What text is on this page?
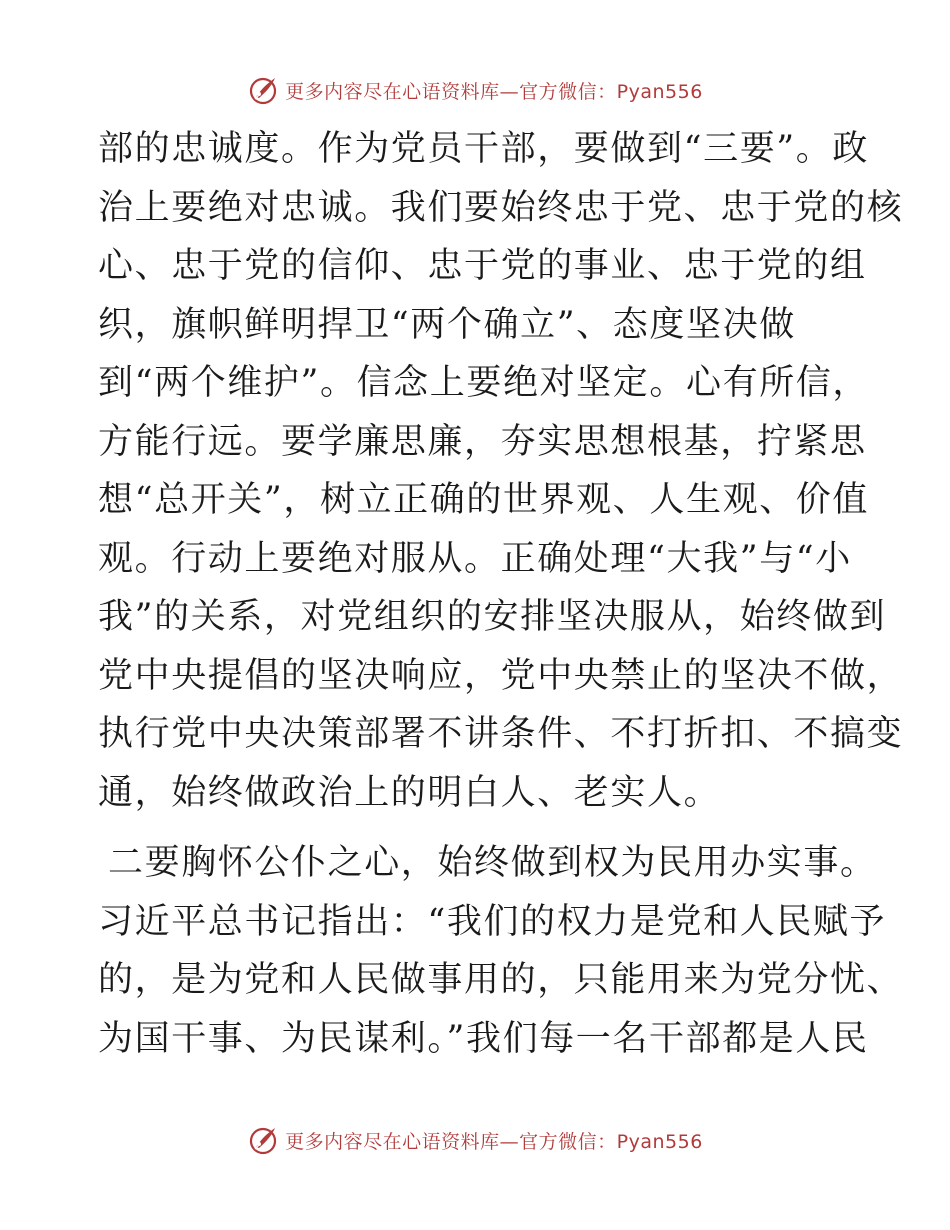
更多内容尽在心语资料库—官方微信：Pyan556
部的忠诚度。作为党员干部，要做到“三要”。政
治上要绝对忠诚。我们要始终忠于党、忠于党的核
心、忠于党的信仰、忠于党的事业、忠于党的组
织，旗帜鲜明捍卫“两个确立”、态度坚决做
到“两个维护”。信念上要绝对坚定。心有所信，
方能行远。要学廉思廉，夯实思想根基，拧紧思
想“总开关”，树立正确的世界观、人生观、价值
观。行动上要绝对服从。正确处理“大我”与“小
我”的关系，对党组织的安排坚决服从，始终做到
党中央提倡的坚决响应，党中央禁止的坚决不做，
执行党中央决策部署不讲条件、不打折扣、不搞变
通，始终做政治上的明白人、老实人。
二要胸怀公仆之心，始终做到权为民用办实事。
习近平总书记指出：“我们的权力是党和人民赋予
的，是为党和人民做事用的，只能用来为党分忧、
为国干事、为民谋利。”我们每一名干部都是人民
更多内容尽在心语资料库—官方微信：Pyan556
